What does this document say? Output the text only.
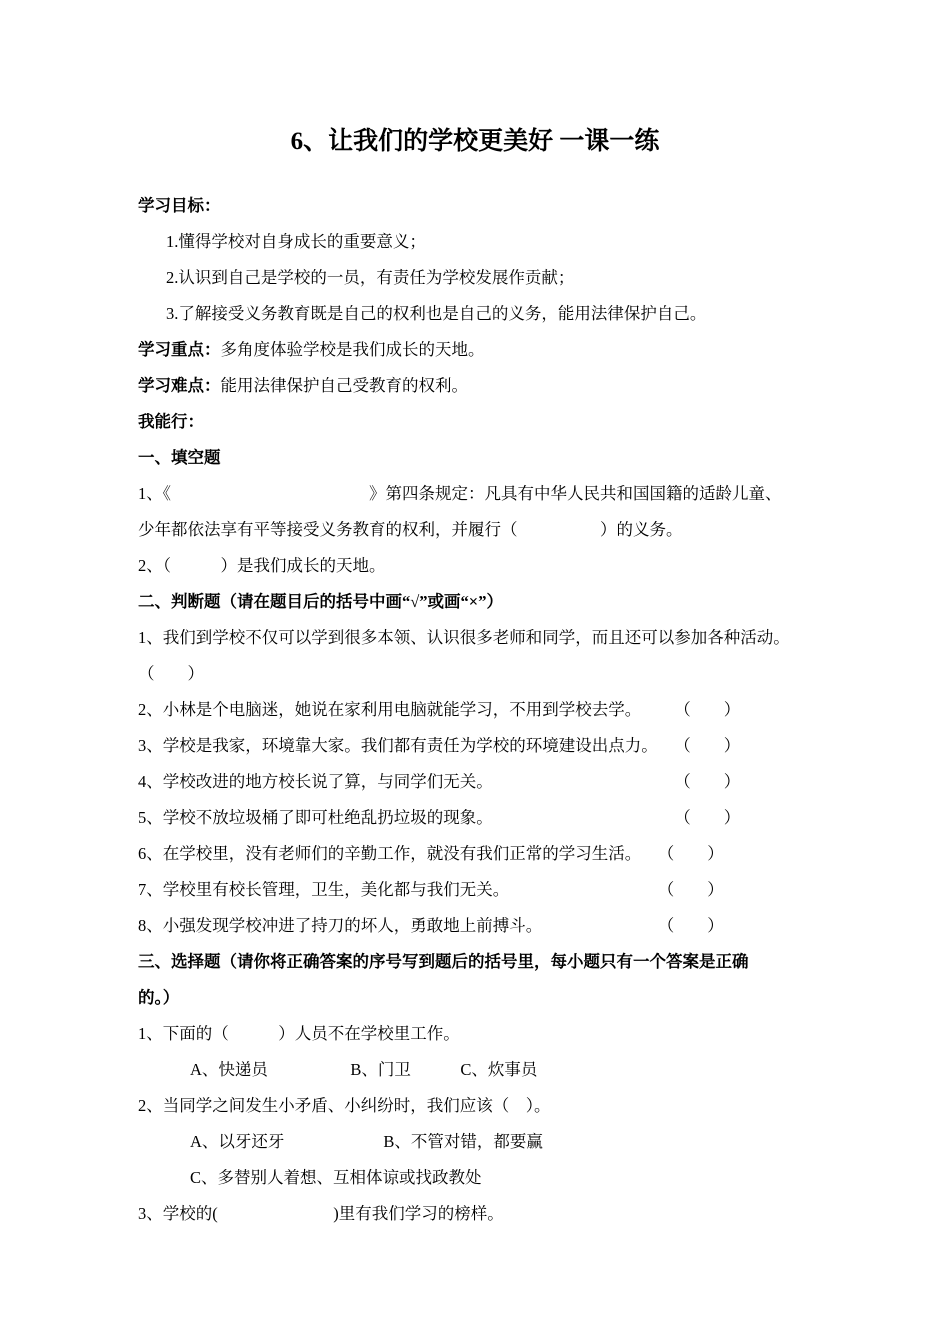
6、让我们的学校更美好 一课一练

学习目标：

1.懂得学校对自身成长的重要意义；

2.认识到自己是学校的一员，有责任为学校发展作贡献；

3.了解接受义务教育既是自己的权利也是自己的义务，能用法律保护自己。

学习重点：多角度体验学校是我们成长的天地。

学习难点：能用法律保护自己受教育的权利。

我能行：

一、填空题

1、《　　　　　　　　　　　　》第四条规定：凡具有中华人民共和国国籍的适龄儿童、

少年都依法享有平等接受义务教育的权利，并履行（　　　　　）的义务。

2、（　　　）是我们成长的天地。

二、判断题（请在题目后的括号中画“√”或画“×”）

1、我们到学校不仅可以学到很多本领、认识很多老师和同学，而且还可以参加各种活动。

（　　）

2、小林是个电脑迷，她说在家利用电脑就能学习，不用到学校去学。　　　（　　）

3、学校是我家，环境靠大家。我们都有责任为学校的环境建设出点力。　　（　　）

4、学校改进的地方校长说了算，与同学们无关。　　　　　　　　　　　　（　　）

5、学校不放垃圾桶了即可杜绝乱扔垃圾的现象。　　　　　　　　　　　　（　　）

6、在学校里，没有老师们的辛勤工作，就没有我们正常的学习生活。　　（　　）

7、学校里有校长管理，卫生，美化都与我们无关。　　　　　　　　　　（　　）

8、小强发现学校冲进了持刀的坏人，勇敢地上前搏斗。　　　　　　　　（　　）

三、选择题（请你将正确答案的序号写到题后的括号里，每小题只有一个答案是正确

的。）

1、下面的（　　　）人员不在学校里工作。

A、快递员　　　　　B、门卫　　　C、炊事员

2、当同学之间发生小矛盾、小纠纷时，我们应该（　）。

A、以牙还牙　　　　　　B、不管对错，都要赢

C、多替别人着想、互相体谅或找政教处

3、学校的(　　　　　　　)里有我们学习的榜样。
